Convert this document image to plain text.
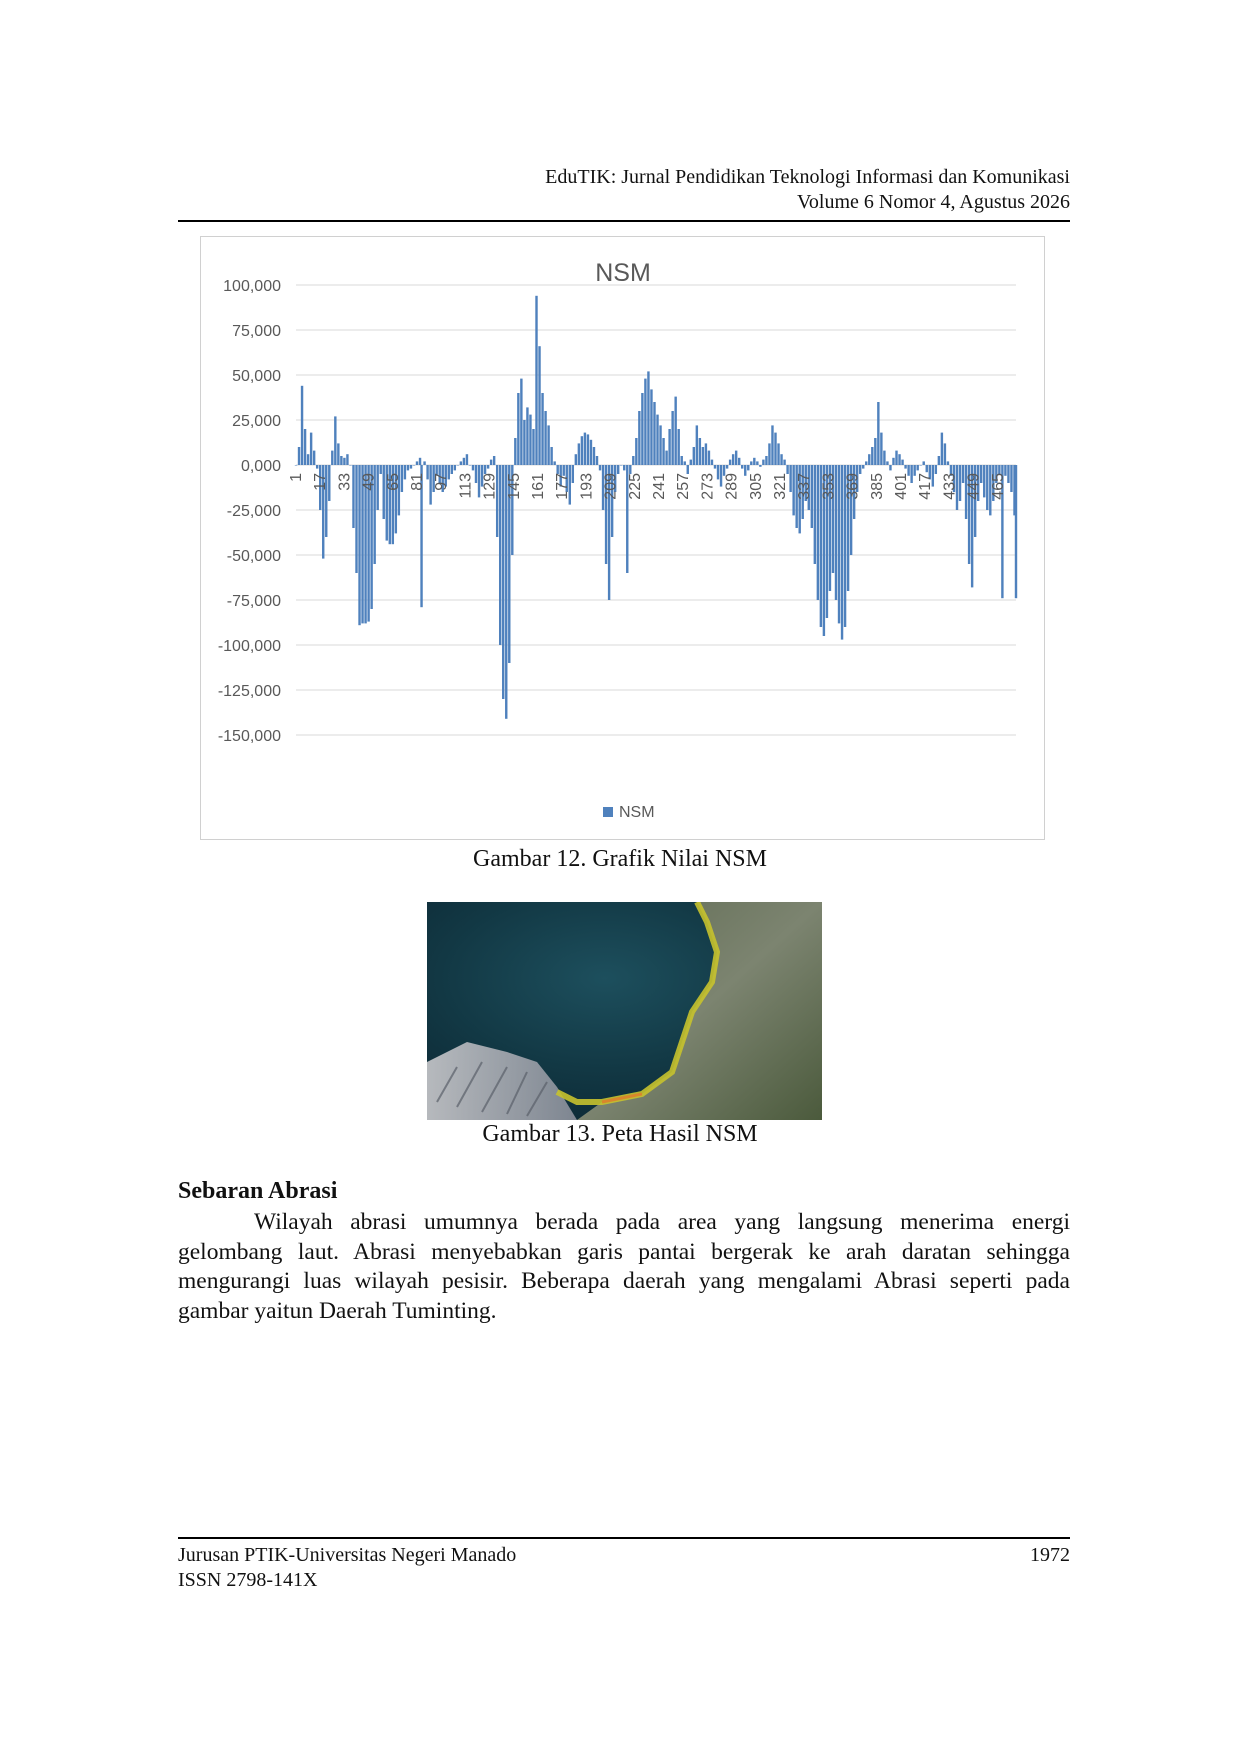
EduTIK: Jurnal Pendidikan Teknologi Informasi dan Komunikasi
Volume 6 Nomor 4, Agustus 2026
100,000
75,000
50,000
25,000
0,000
-25,000
-50,000
-75,000
-100,000
-125,000
-150,000
1 17 33 49 65 81 97 113 129 145 161 177 193 209 225 241 257 273 289 305 321 337 353 369 385 401 417 433 449 465
NSM
NSM
Gambar 12. Grafik Nilai NSM
Gambar 13. Peta Hasil NSM
Sebaran Abrasi

Wilayah abrasi umumnya berada pada area yang langsung menerima energi gelombang laut. Abrasi menyebabkan garis pantai bergerak ke arah daratan sehingga mengurangi luas wilayah pesisir. Beberapa daerah yang mengalami Abrasi seperti pada gambar yaitun Daerah Tuminting.

Jurusan PTIK-Universitas Negeri Manado
ISSN 2798-141X
1972
